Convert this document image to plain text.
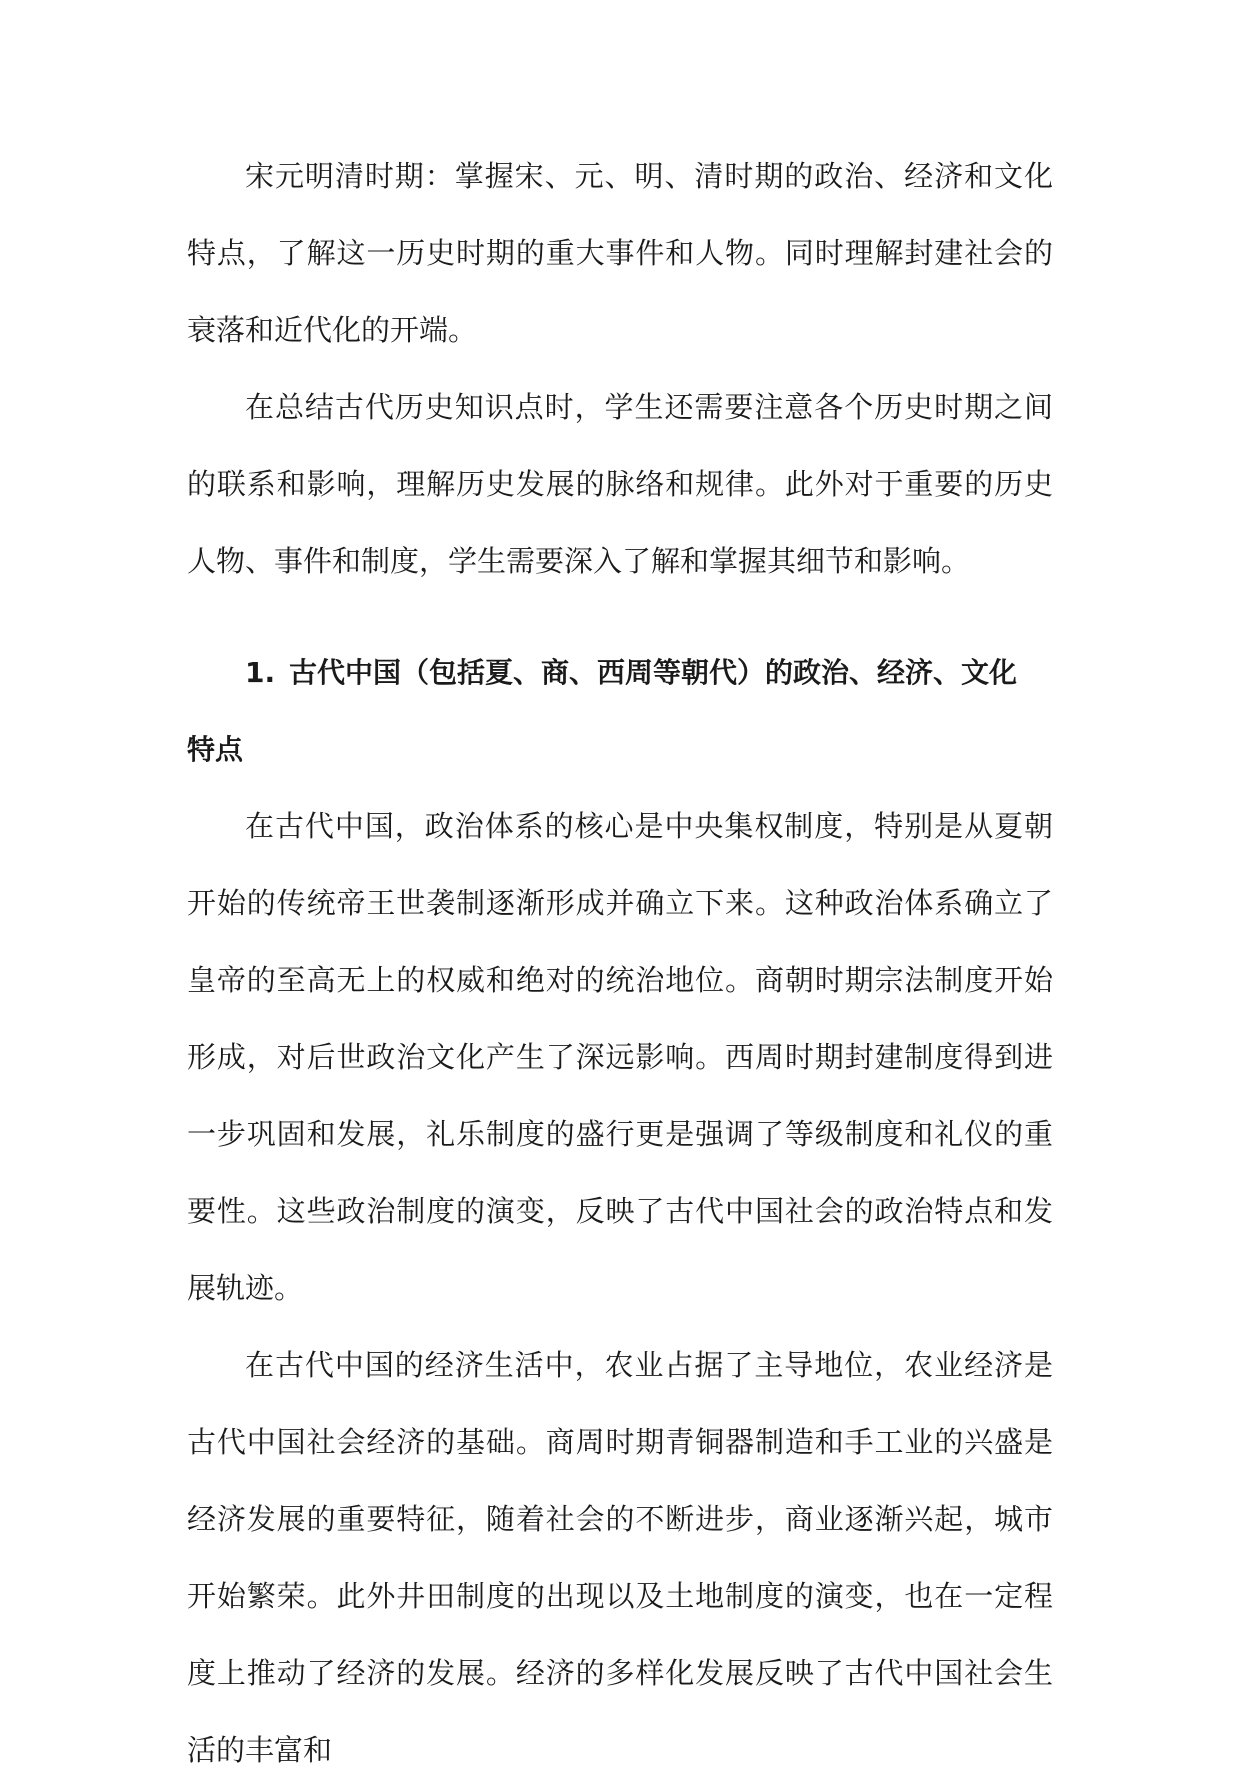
宋元明清时期：掌握宋、元、明、清时期的政治、经济和文化特点，了解这一历史时期的重大事件和人物。同时理解封建社会的衰落和近代化的开端。

在总结古代历史知识点时，学生还需要注意各个历史时期之间的联系和影响，理解历史发展的脉络和规律。此外对于重要的历史人物、事件和制度，学生需要深入了解和掌握其细节和影响。

1. 古代中国（包括夏、商、西周等朝代）的政治、经济、文化
特点

在古代中国，政治体系的核心是中央集权制度，特别是从夏朝开始的传统帝王世袭制逐渐形成并确立下来。这种政治体系确立了皇帝的至高无上的权威和绝对的统治地位。商朝时期宗法制度开始形成，对后世政治文化产生了深远影响。西周时期封建制度得到进一步巩固和发展，礼乐制度的盛行更是强调了等级制度和礼仪的重要性。这些政治制度的演变，反映了古代中国社会的政治特点和发展轨迹。

在古代中国的经济生活中，农业占据了主导地位，农业经济是古代中国社会经济的基础。商周时期青铜器制造和手工业的兴盛是经济发展的重要特征，随着社会的不断进步，商业逐渐兴起，城市开始繁荣。此外井田制度的出现以及土地制度的演变，也在一定程度上推动了经济的发展。经济的多样化发展反映了古代中国社会生活的丰富和
